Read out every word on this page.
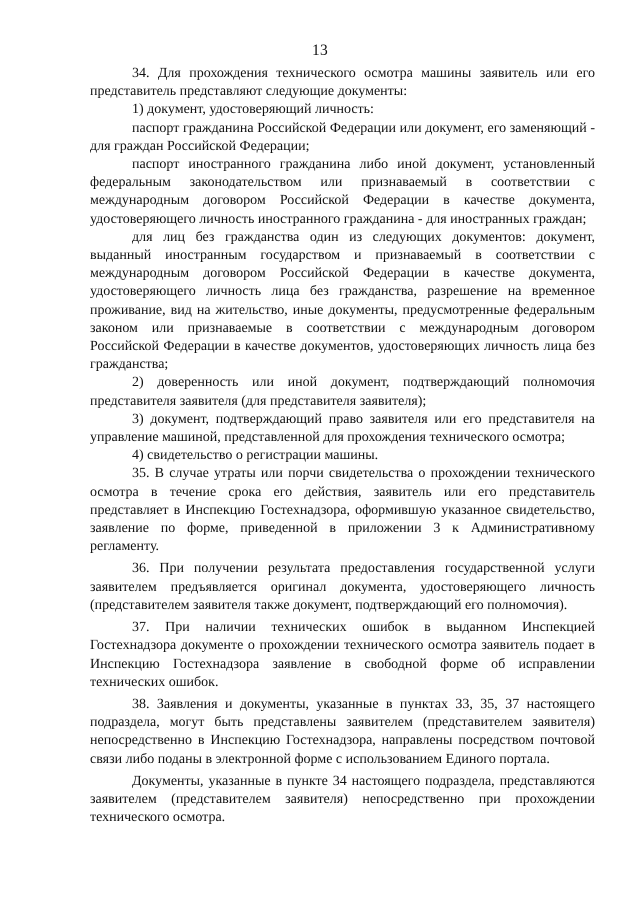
13

34. Для прохождения технического осмотра машины заявитель или его представитель представляют следующие документы:

1) документ, удостоверяющий личность:

паспорт гражданина Российской Федерации или документ, его заменяющий - для граждан Российской Федерации;

паспорт иностранного гражданина либо иной документ, установленный федеральным законодательством или признаваемый в соответствии с международным договором Российской Федерации в качестве документа, удостоверяющего личность иностранного гражданина - для иностранных граждан;

для лиц без гражданства один из следующих документов: документ, выданный иностранным государством и признаваемый в соответствии с международным договором Российской Федерации в качестве документа, удостоверяющего личность лица без гражданства, разрешение на временное проживание, вид на жительство, иные документы, предусмотренные федеральным законом или признаваемые в соответствии с международным договором Российской Федерации в качестве документов, удостоверяющих личность лица без гражданства;

2) доверенность или иной документ, подтверждающий полномочия представителя заявителя (для представителя заявителя);

3) документ, подтверждающий право заявителя или его представителя на управление машиной, представленной для прохождения технического осмотра;

4) свидетельство о регистрации машины.

35. В случае утраты или порчи свидетельства о прохождении технического осмотра в течение срока его действия, заявитель или его представитель представляет в Инспекцию Гостехнадзора, оформившую указанное свидетельство, заявление по форме, приведенной в приложении 3 к Административному регламенту.

36. При получении результата предоставления государственной услуги заявителем предъявляется оригинал документа, удостоверяющего личность (представителем заявителя также документ, подтверждающий его полномочия).

37. При наличии технических ошибок в выданном Инспекцией Гостехнадзора документе о прохождении технического осмотра заявитель подает в Инспекцию Гостехнадзора заявление в свободной форме об исправлении технических ошибок.

38. Заявления и документы, указанные в пунктах 33, 35, 37 настоящего подраздела, могут быть представлены заявителем (представителем заявителя) непосредственно в Инспекцию Гостехнадзора, направлены посредством почтовой связи либо поданы в электронной форме с использованием Единого портала.

Документы, указанные в пункте 34 настоящего подраздела, представляются заявителем (представителем заявителя) непосредственно при прохождении технического осмотра.
